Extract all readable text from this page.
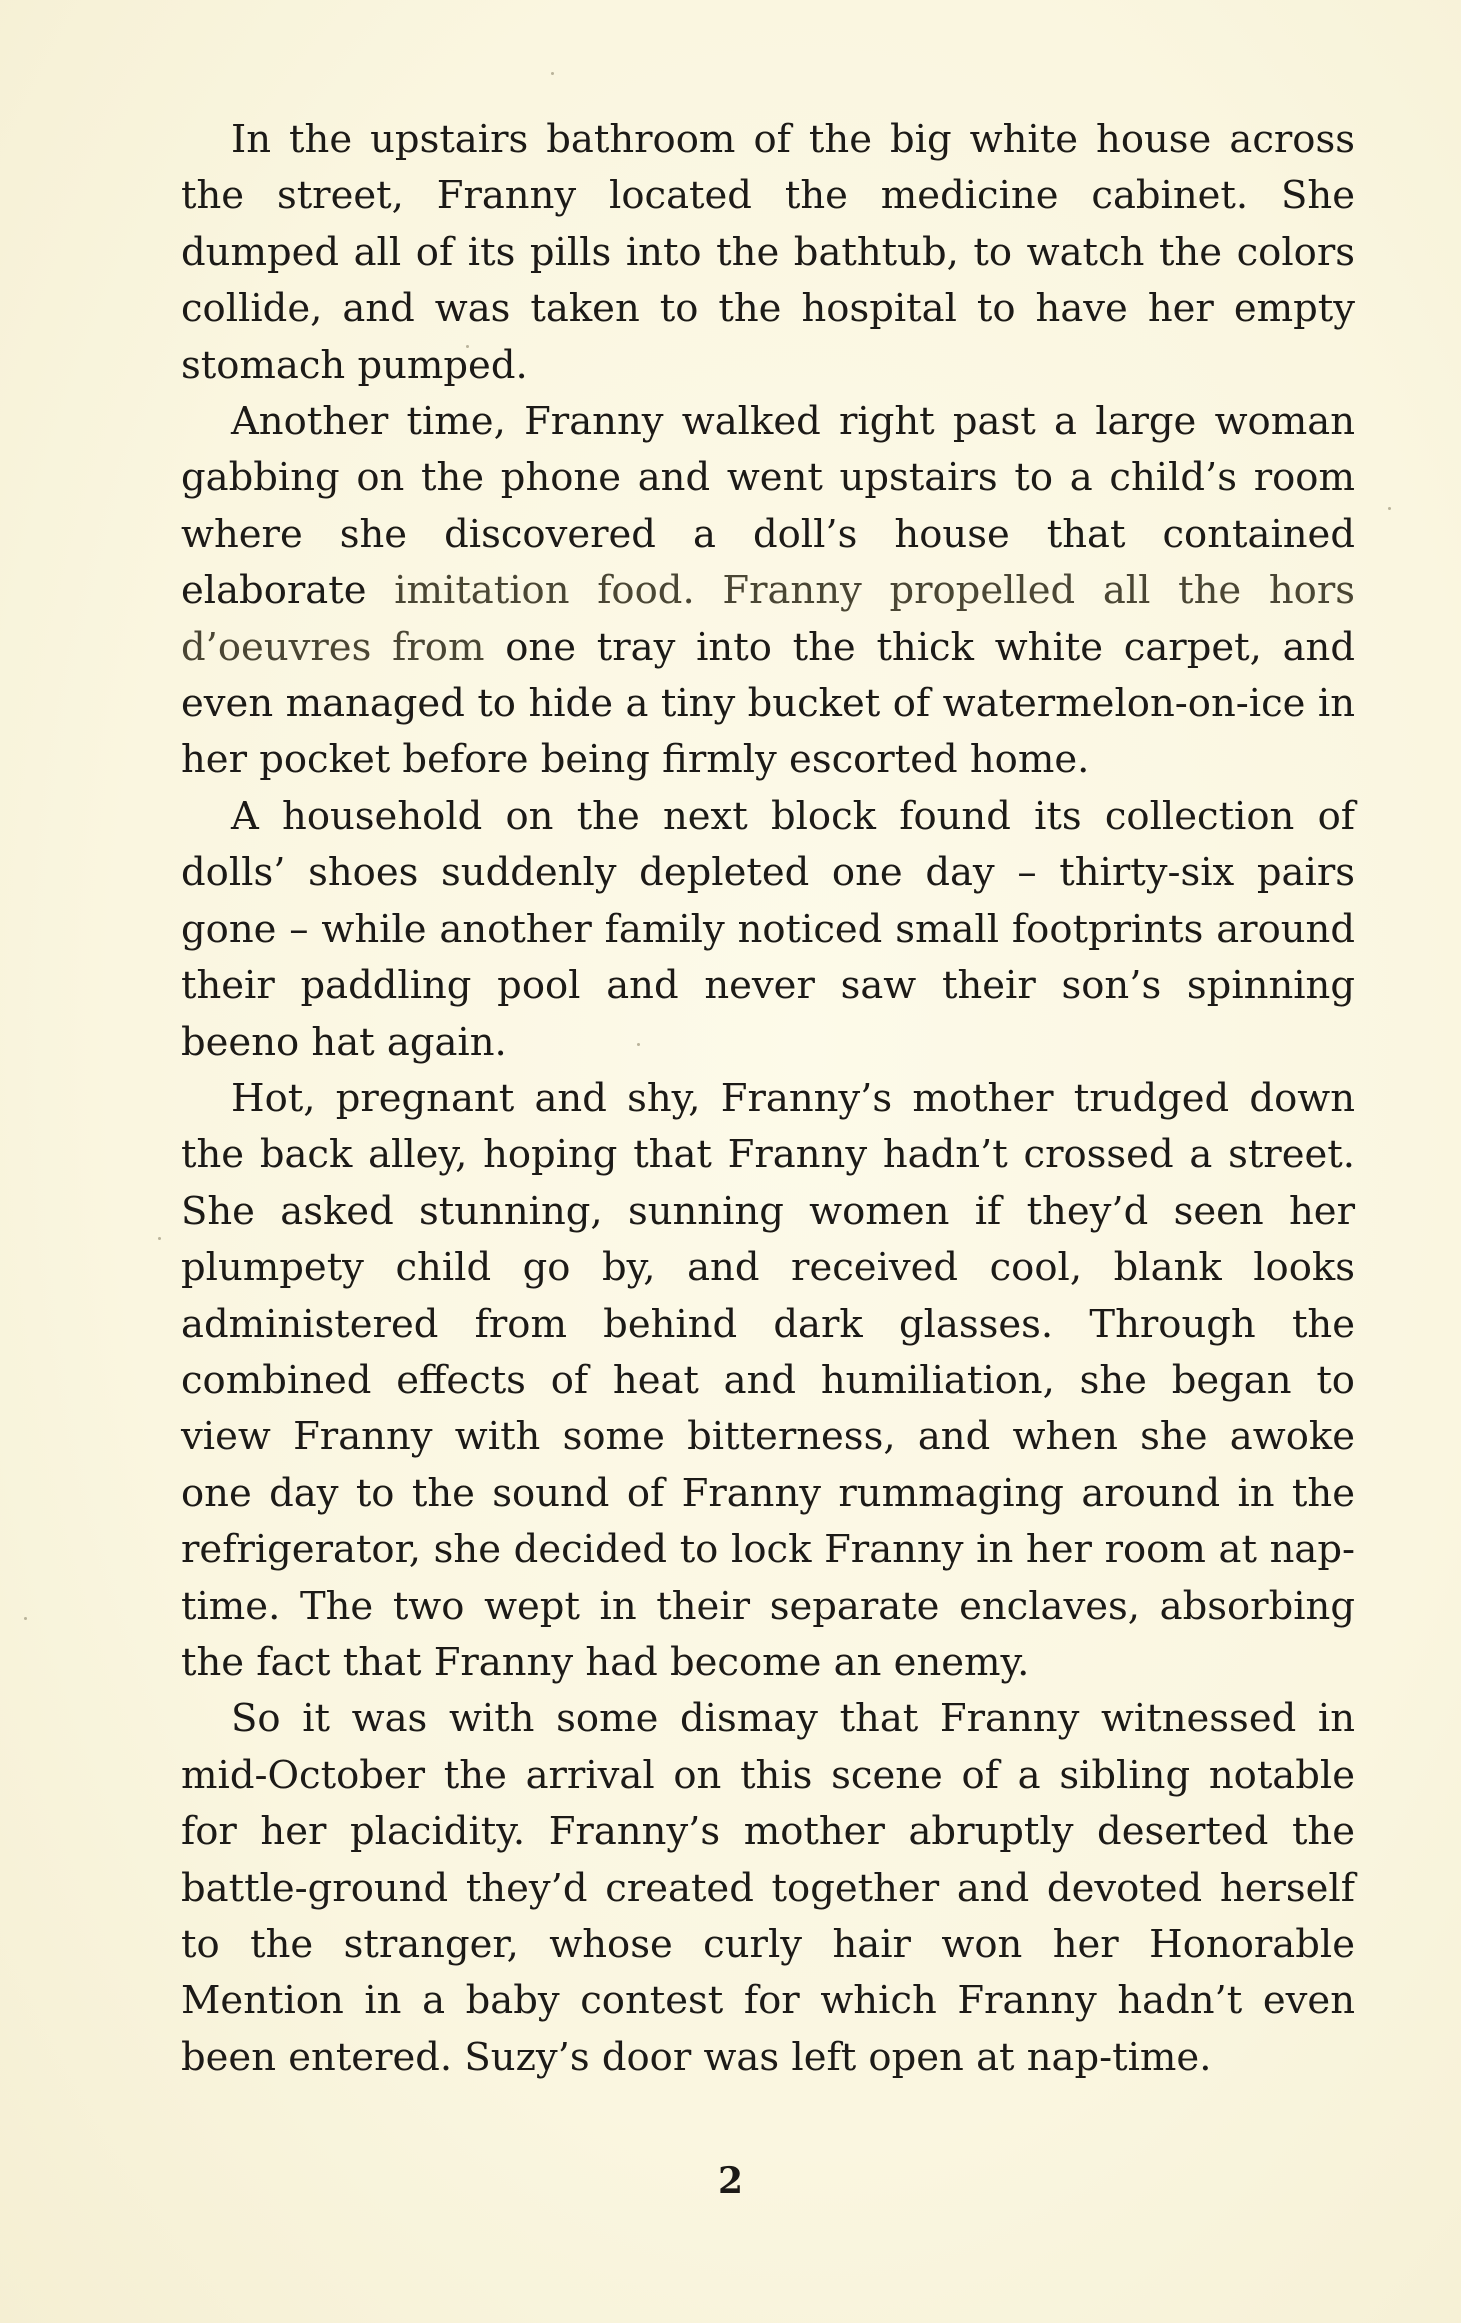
In the upstairs bathroom of the big white house across the street, Franny located the medicine cabinet. She dumped all of its pills into the bathtub, to watch the colors collide, and was taken to the hospital to have her empty stomach pumped.

Another time, Franny walked right past a large woman gabbing on the phone and went upstairs to a child’s room where she discovered a doll’s house that contained elaborate imitation food. Franny propelled all the hors d’oeuvres from one tray into the thick white carpet, and even managed to hide a tiny bucket of watermelon-on-ice in her pocket before being firmly escorted home.

A household on the next block found its collection of dolls’ shoes suddenly depleted one day – thirty-six pairs gone – while another family noticed small footprints around their paddling pool and never saw their son’s spinning beeno hat again.

Hot, pregnant and shy, Franny’s mother trudged down the back alley, hoping that Franny hadn’t crossed a street. She asked stunning, sunning women if they’d seen her plumpety child go by, and received cool, blank looks administered from behind dark glasses. Through the combined effects of heat and humiliation, she began to view Franny with some bitterness, and when she awoke one day to the sound of Franny rummaging around in the refrigerator, she decided to lock Franny in her room at nap-time. The two wept in their separate enclaves, absorbing the fact that Franny had become an enemy.

So it was with some dismay that Franny witnessed in mid-October the arrival on this scene of a sibling notable for her placidity. Franny’s mother abruptly deserted the battle-ground they’d created together and devoted herself to the stranger, whose curly hair won her Honorable Mention in a baby contest for which Franny hadn’t even been entered. Suzy’s door was left open at nap-time.

2
